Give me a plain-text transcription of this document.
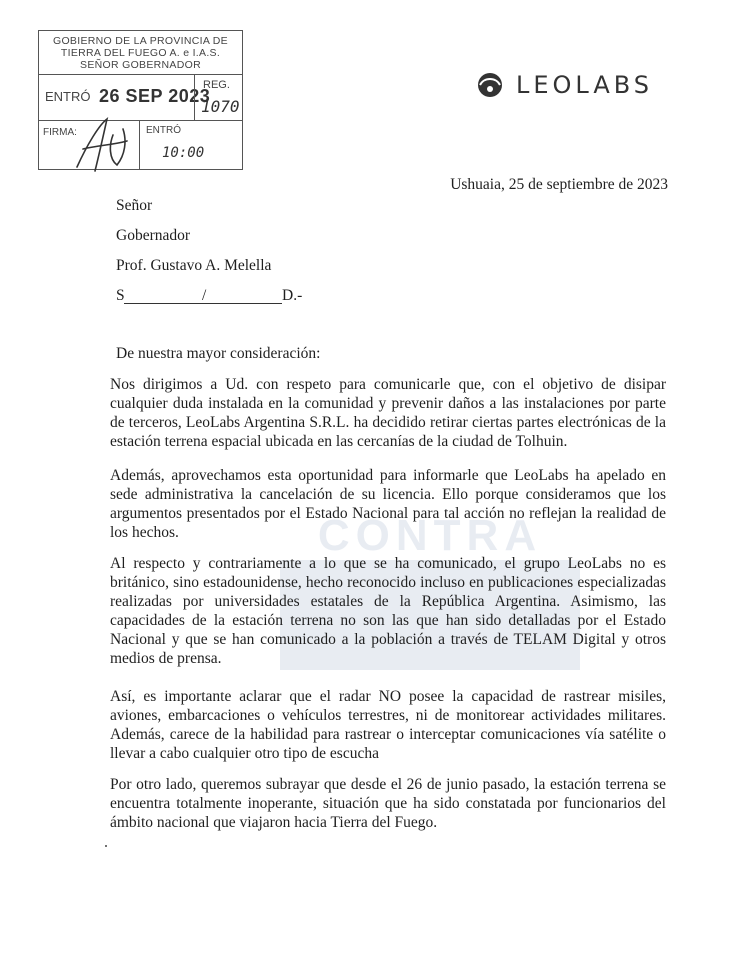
GOBIERNO DE LA PROVINCIA DE
TIERRA DEL FUEGO A. e I.A.S.
SEÑOR GOBERNADOR
ENTRÓ 26 SEP 2023
REG.
1070
FIRMA:	ENTRÓ
10:00
LEOLABS
Ushuaia, 25 de septiembre de 2023
Señor
Gobernador
Prof. Gustavo A. Melella
S	/	D.-
De nuestra mayor consideración:
CONTRA

Nos dirigimos a Ud. con respeto para comunicarle que, con el objetivo de disipar cualquier duda instalada en la comunidad y prevenir daños a las instalaciones por parte de terceros, LeoLabs Argentina S.R.L. ha decidido retirar ciertas partes electrónicas de la estación terrena espacial ubicada en las cercanías de la ciudad de Tolhuin.

Además, aprovechamos esta oportunidad para informarle que LeoLabs ha apelado en sede administrativa la cancelación de su licencia. Ello porque consideramos que los argumentos presentados por el Estado Nacional para tal acción no reflejan la realidad de los hechos.

Al respecto y contrariamente a lo que se ha comunicado, el grupo LeoLabs no es británico, sino estadounidense, hecho reconocido incluso en publicaciones especializadas realizadas por universidades estatales de la República Argentina. Asimismo, las capacidades de la estación terrena no son las que han sido detalladas por el Estado Nacional y que se han comunicado a la población a través de TELAM Digital y otros medios de prensa.

Así, es importante aclarar que el radar NO posee la capacidad de rastrear misiles, aviones, embarcaciones o vehículos terrestres, ni de monitorear actividades militares. Además, carece de la habilidad para rastrear o interceptar comunicaciones vía satélite o llevar a cabo cualquier otro tipo de escucha

Por otro lado, queremos subrayar que desde el 26 de junio pasado, la estación terrena se encuentra totalmente inoperante, situación que ha sido constatada por funcionarios del ámbito nacional que viajaron hacia Tierra del Fuego.
